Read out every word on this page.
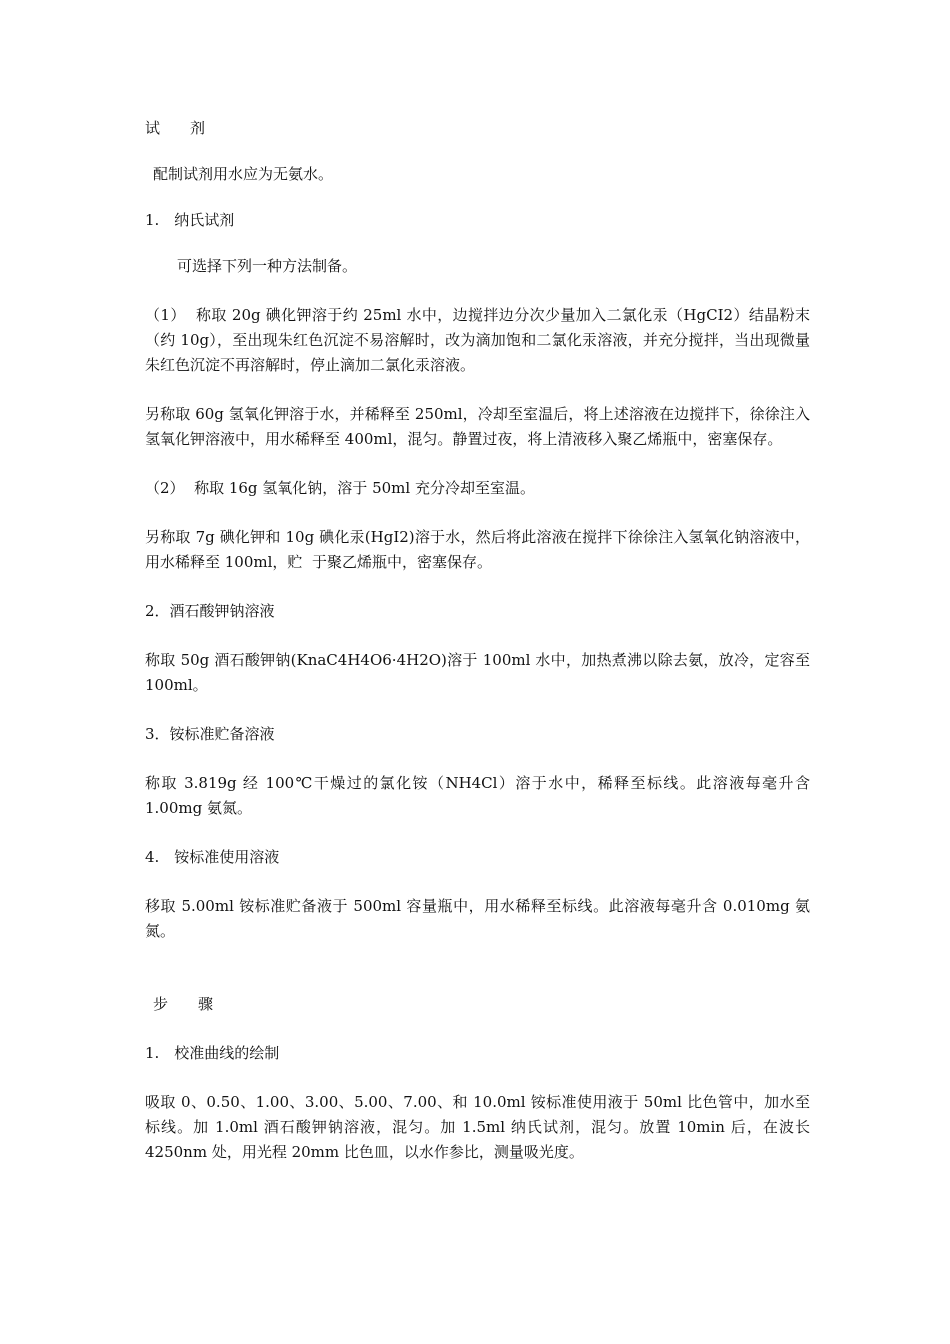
试　　剂

配制试剂用水应为无氨水。

1.　纳氏试剂

可选择下列一种方法制备。

（1）  称取 20g 碘化钾溶于约 25ml 水中，边搅拌边分次少量加入二氯化汞（HgCI2）结晶粉末（约 10g），至出现朱红色沉淀不易溶解时，改为滴加饱和二氯化汞溶液，并充分搅拌，当出现微量朱红色沉淀不再溶解时，停止滴加二氯化汞溶液。

另称取 60g 氢氧化钾溶于水，并稀释至 250ml，冷却至室温后，将上述溶液在边搅拌下，徐徐注入氢氧化钾溶液中，用水稀释至 400ml，混匀。静置过夜，将上清液移入聚乙烯瓶中，密塞保存。

（2）  称取 16g 氢氧化钠，溶于 50ml 充分冷却至室温。

另称取 7g 碘化钾和 10g 碘化汞(HgI2)溶于水，然后将此溶液在搅拌下徐徐注入氢氧化钠溶液中，用水稀释至 100ml，贮  于聚乙烯瓶中，密塞保存。

2．酒石酸钾钠溶液

称取 50g 酒石酸钾钠(KnaC4H4O6·4H2O)溶于 100ml 水中，加热煮沸以除去氨，放冷，定容至 100ml。

3．铵标准贮备溶液

称取 3.819g 经 100℃干燥过的氯化铵（NH4Cl）溶于水中，稀释至标线。此溶液每毫升含 1.00mg 氨氮。

4.　铵标准使用溶液

移取 5.00ml 铵标准贮备液于 500ml 容量瓶中，用水稀释至标线。此溶液每毫升含 0.010mg 氨氮。

步　　骤

1.　校准曲线的绘制

吸取 0、0.50、1.00、3.00、5.00、7.00、和 10.0ml 铵标准使用液于 50ml 比色管中，加水至标线。加 1.0ml 酒石酸钾钠溶液，混匀。加 1.5ml 纳氏试剂，混匀。放置 10min 后，在波长 4250nm 处，用光程 20mm 比色皿，以水作参比，测量吸光度。
